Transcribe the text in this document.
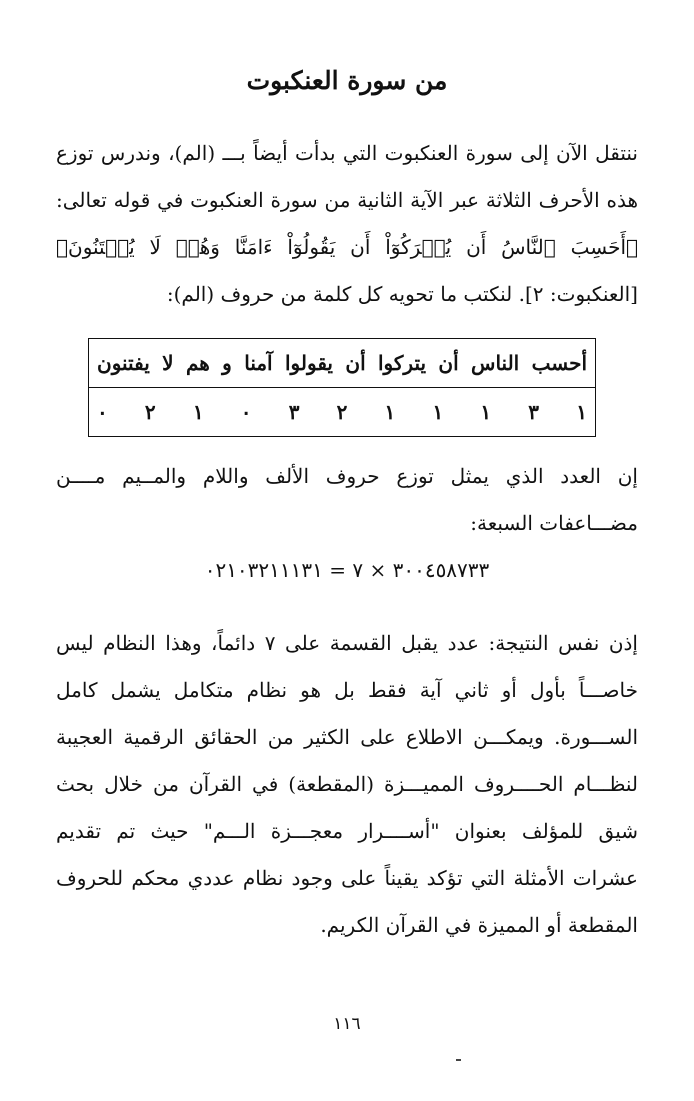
من سورة العنكبوت

ننتقل الآن إلى سورة العنكبوت التي بدأت أيضاً بـــ (الم)، وندرس توزع هذه الأحرف الثلاثة عبر الآية الثانية من سورة العنكبوت في قوله تعالى: ﴿أَحَسِبَ ٱلنَّاسُ أَن يُتۡرَكُوٓاْ أَن يَقُولُوٓاْ ءَامَنَّا وَهُمۡ لَا يُفۡتَنُونَ﴾ [العنكبوت: ٢]. لنكتب ما تحويه كل كلمة من حروف (الم):

أحسب الناس أن يتركوا أن يقولوا آمنا و هم لا يفتنون
١ ٣ ١ ١ ١ ٢ ٣ ٠ ١ ٢ ٠

إن العدد الذي يمثل توزع حروف الألف واللام والمــيم مــــن مضـــاعفات السبعة:

٣٠٠٤٥٨٧٣٣ × ٧ = ٠٢١٠٣٢١١١٣١

إذن نفس النتيجة: عدد يقبل القسمة على ٧ دائماً، وهذا النظام ليس خاصـــاً بأول أو ثاني آية فقط بل هو نظام متكامل يشمل كامل الســـورة. ويمكـــن الاطلاع على الكثير من الحقائق الرقمية العجيبة لنظـــام الحــــروف المميـــزة (المقطعة) في القرآن من خلال بحث شيق للمؤلف بعنوان "أســــرار معجـــزة الـــم" حيث تم تقديم عشرات الأمثلة التي تؤكد يقيناً على وجود نظام عددي محكم للحروف المقطعة أو المميزة في القرآن الكريم.

١١٦
